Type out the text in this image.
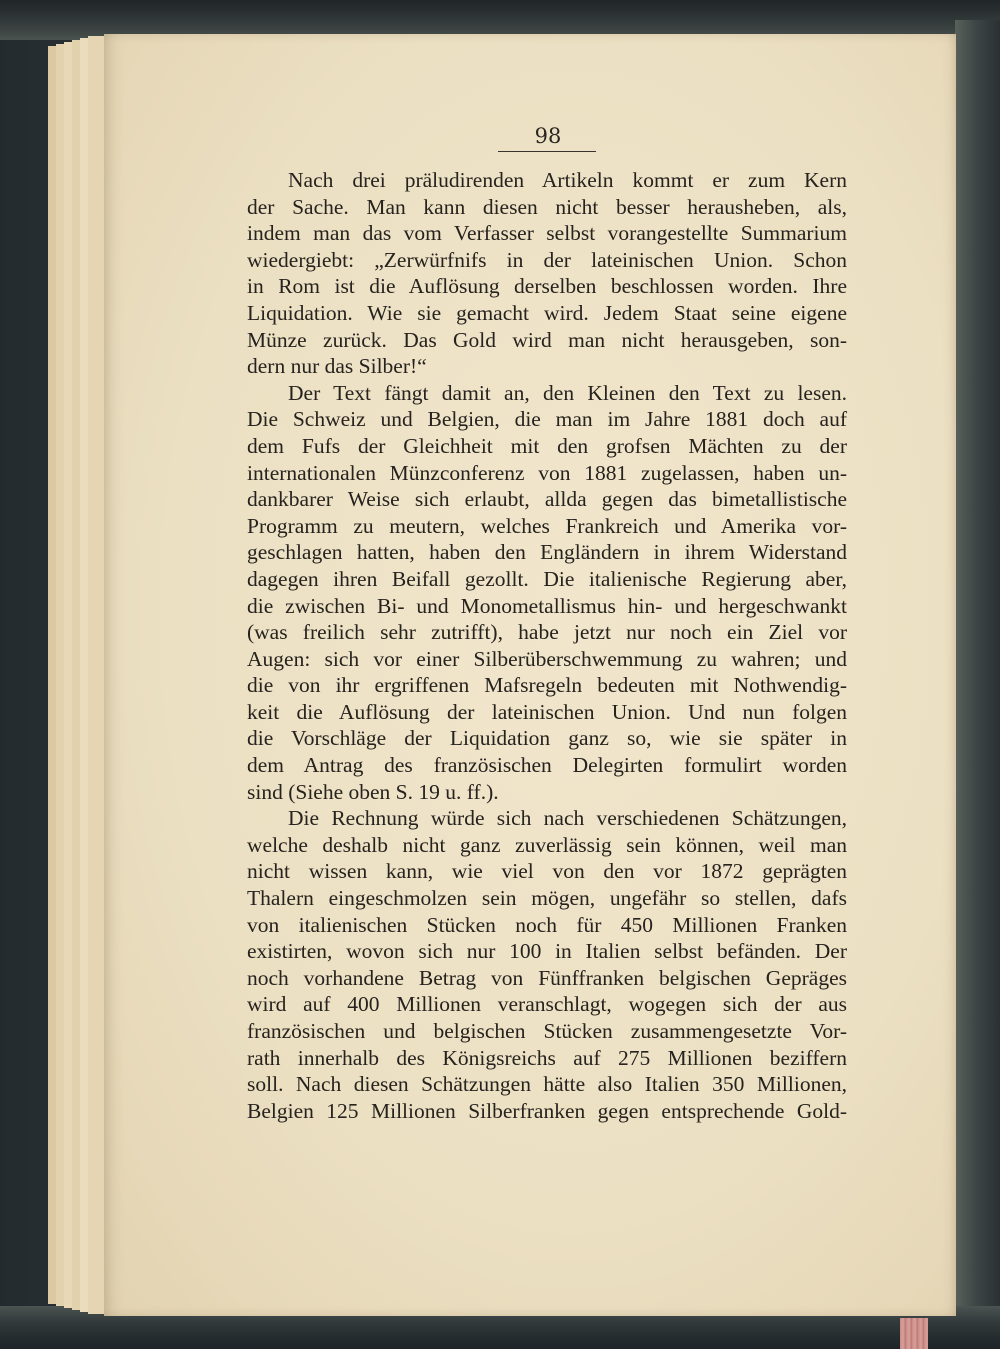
98

Nach drei präludirenden Artikeln kommt er zum Kern

der Sache. Man kann diesen nicht besser herausheben, als,

indem man das vom Verfasser selbst vorangestellte Summarium

wiedergiebt: „Zerwürfnifs in der lateinischen Union. Schon

in Rom ist die Auflösung derselben beschlossen worden. Ihre

Liquidation. Wie sie gemacht wird. Jedem Staat seine eigene

Münze zurück. Das Gold wird man nicht herausgeben, son-

dern nur das Silber!“

Der Text fängt damit an, den Kleinen den Text zu lesen.

Die Schweiz und Belgien, die man im Jahre 1881 doch auf

dem Fufs der Gleichheit mit den grofsen Mächten zu der

internationalen Münzconferenz von 1881 zugelassen, haben un-

dankbarer Weise sich erlaubt, allda gegen das bimetallistische

Programm zu meutern, welches Frankreich und Amerika vor-

geschlagen hatten, haben den Engländern in ihrem Widerstand

dagegen ihren Beifall gezollt. Die italienische Regierung aber,

die zwischen Bi- und Monometallismus hin- und hergeschwankt

(was freilich sehr zutrifft), habe jetzt nur noch ein Ziel vor

Augen: sich vor einer Silberüberschwemmung zu wahren; und

die von ihr ergriffenen Mafsregeln bedeuten mit Nothwendig-

keit die Auflösung der lateinischen Union. Und nun folgen

die Vorschläge der Liquidation ganz so, wie sie später in

dem Antrag des französischen Delegirten formulirt worden

sind (Siehe oben S. 19 u. ff.).

Die Rechnung würde sich nach verschiedenen Schätzungen,

welche deshalb nicht ganz zuverlässig sein können, weil man

nicht wissen kann, wie viel von den vor 1872 geprägten

Thalern eingeschmolzen sein mögen, ungefähr so stellen, dafs

von italienischen Stücken noch für 450 Millionen Franken

existirten, wovon sich nur 100 in Italien selbst befänden. Der

noch vorhandene Betrag von Fünffranken belgischen Gepräges

wird auf 400 Millionen veranschlagt, wogegen sich der aus

französischen und belgischen Stücken zusammengesetzte Vor-

rath innerhalb des Königsreichs auf 275 Millionen beziffern

soll. Nach diesen Schätzungen hätte also Italien 350 Millionen,

Belgien 125 Millionen Silberfranken gegen entsprechende Gold-
